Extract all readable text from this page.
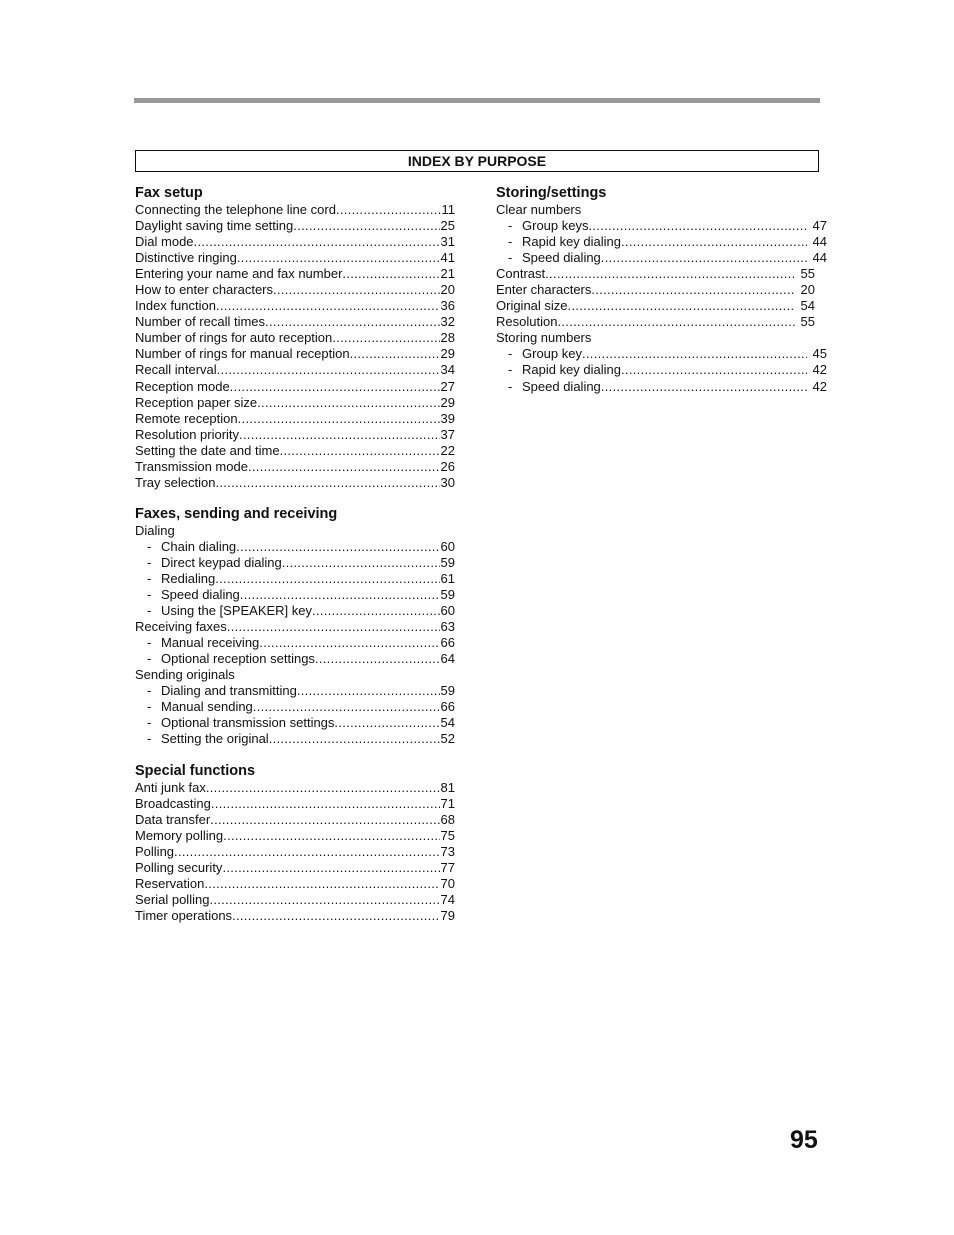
INDEX BY PURPOSE
Fax setup
Connecting the telephone line cord .....	11
Daylight saving time setting .....	25
Dial mode .....	31
Distinctive ringing .....	41
Entering your name and fax number .....	21
How to enter characters .....	20
Index function .....	36
Number of recall times .....	32
Number of rings for auto reception .....	28
Number of rings for manual reception .....	29
Recall interval .....	34
Reception mode .....	27
Reception paper size .....	29
Remote reception .....	39
Resolution priority .....	37
Setting the date and time .....	22
Transmission mode .....	26
Tray selection .....	30
Faxes, sending and receiving
Dialing
- Chain dialing .....	60
- Direct keypad dialing .....	59
- Redialing .....	61
- Speed dialing .....	59
- Using the [SPEAKER] key .....	60
Receiving faxes .....	63
- Manual receiving .....	66
- Optional reception settings .....	64
Sending originals
- Dialing and transmitting .....	59
- Manual sending .....	66
- Optional transmission settings .....	54
- Setting the original .....	52
Special functions
Anti junk fax .....	81
Broadcasting .....	71
Data transfer .....	68
Memory polling .....	75
Polling .....	73
Polling security .....	77
Reservation .....	70
Serial polling .....	74
Timer operations .....	79
Storing/settings
Clear numbers
- Group keys .....	47
- Rapid key dialing .....	44
- Speed dialing .....	44
Contrast .....	55
Enter characters .....	20
Original size .....	54
Resolution .....	55
Storing numbers
- Group key .....	45
- Rapid key dialing .....	42
- Speed dialing .....	42
95
